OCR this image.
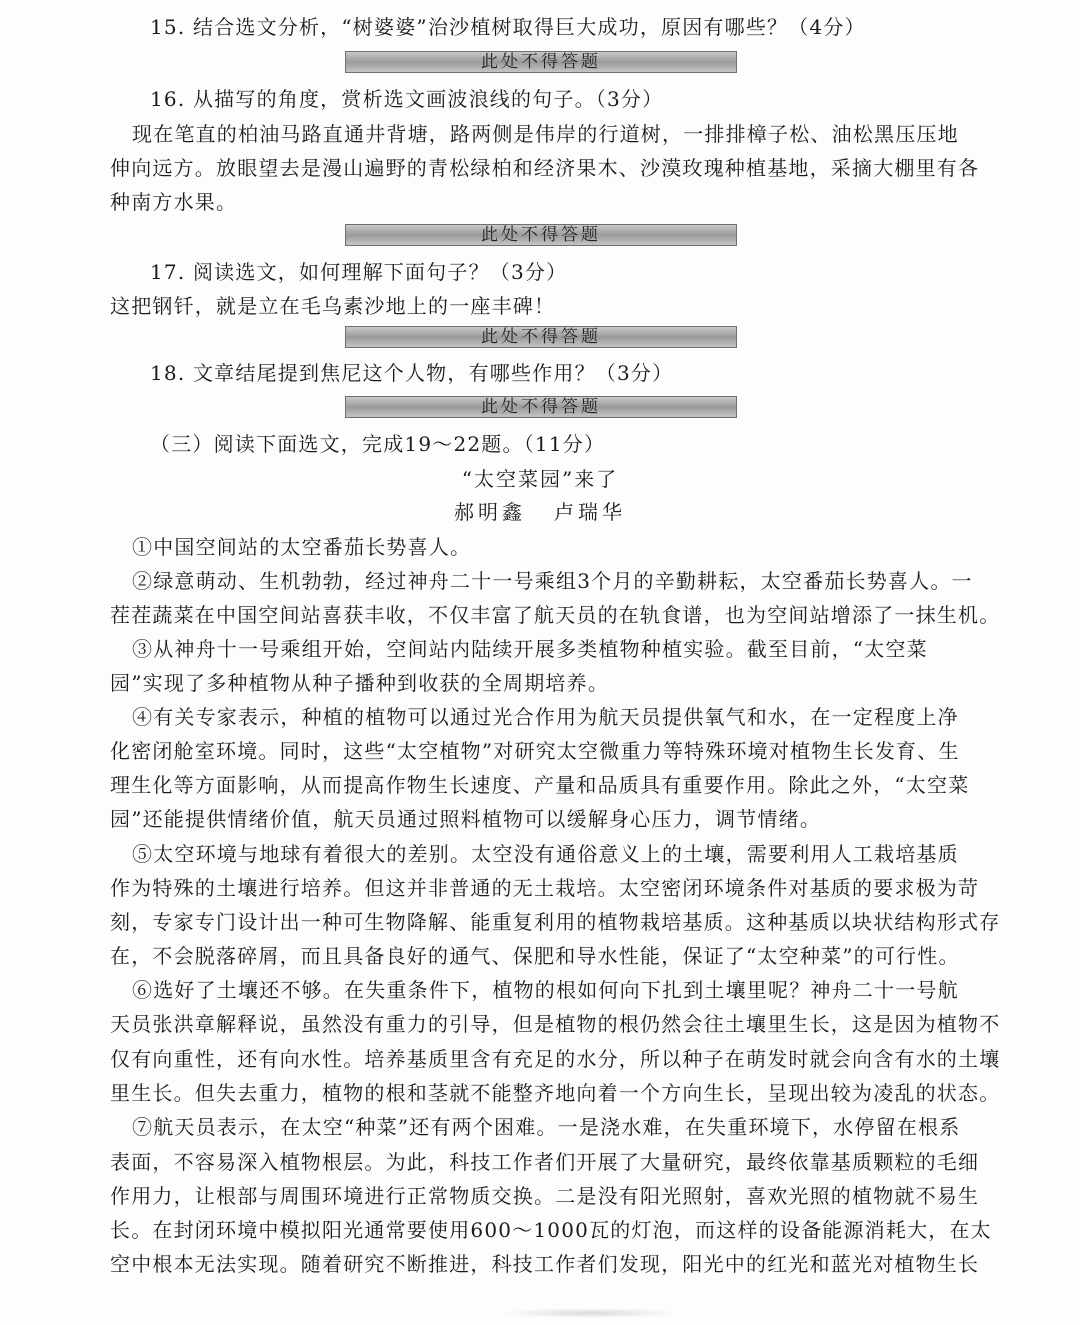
15. 结合选文分析，“树婆婆”治沙植树取得巨大成功，原因有哪些？（4分）
此处不得答题
16. 从描写的角度，赏析选文画波浪线的句子。（3分）
现在笔直的柏油马路直通井背塘，路两侧是伟岸的行道树，一排排樟子松、油松黑压压地
伸向远方。放眼望去是漫山遍野的青松绿柏和经济果木、沙漠玫瑰种植基地，采摘大棚里有各
种南方水果。
此处不得答题
17. 阅读选文，如何理解下面句子？（3分）
这把钢钎，就是立在毛乌素沙地上的一座丰碑！
此处不得答题
18. 文章结尾提到焦尼这个人物，有哪些作用？（3分）
此处不得答题
（三）阅读下面选文，完成19～22题。（11分）
“太空菜园”来了
郝明鑫 卢瑞华
①中国空间站的太空番茄长势喜人。
②绿意萌动、生机勃勃，经过神舟二十一号乘组3个月的辛勤耕耘，太空番茄长势喜人。一
茬茬蔬菜在中国空间站喜获丰收，不仅丰富了航天员的在轨食谱，也为空间站增添了一抹生机。
③从神舟十一号乘组开始，空间站内陆续开展多类植物种植实验。截至目前，“太空菜
园”实现了多种植物从种子播种到收获的全周期培养。
④有关专家表示，种植的植物可以通过光合作用为航天员提供氧气和水，在一定程度上净
化密闭舱室环境。同时，这些“太空植物”对研究太空微重力等特殊环境对植物生长发育、生
理生化等方面影响，从而提高作物生长速度、产量和品质具有重要作用。除此之外，“太空菜
园”还能提供情绪价值，航天员通过照料植物可以缓解身心压力，调节情绪。
⑤太空环境与地球有着很大的差别。太空没有通俗意义上的土壤，需要利用人工栽培基质
作为特殊的土壤进行培养。但这并非普通的无土栽培。太空密闭环境条件对基质的要求极为苛
刻，专家专门设计出一种可生物降解、能重复利用的植物栽培基质。这种基质以块状结构形式存
在，不会脱落碎屑，而且具备良好的通气、保肥和导水性能，保证了“太空种菜”的可行性。
⑥选好了土壤还不够。在失重条件下，植物的根如何向下扎到土壤里呢？神舟二十一号航
天员张洪章解释说，虽然没有重力的引导，但是植物的根仍然会往土壤里生长，这是因为植物不
仅有向重性，还有向水性。培养基质里含有充足的水分，所以种子在萌发时就会向含有水的土壤
里生长。但失去重力，植物的根和茎就不能整齐地向着一个方向生长，呈现出较为凌乱的状态。
⑦航天员表示，在太空“种菜”还有两个困难。一是浇水难，在失重环境下，水停留在根系
表面，不容易深入植物根层。为此，科技工作者们开展了大量研究，最终依靠基质颗粒的毛细
作用力，让根部与周围环境进行正常物质交换。二是没有阳光照射，喜欢光照的植物就不易生
长。在封闭环境中模拟阳光通常要使用600～1000瓦的灯泡，而这样的设备能源消耗大，在太
空中根本无法实现。随着研究不断推进，科技工作者们发现，阳光中的红光和蓝光对植物生长
